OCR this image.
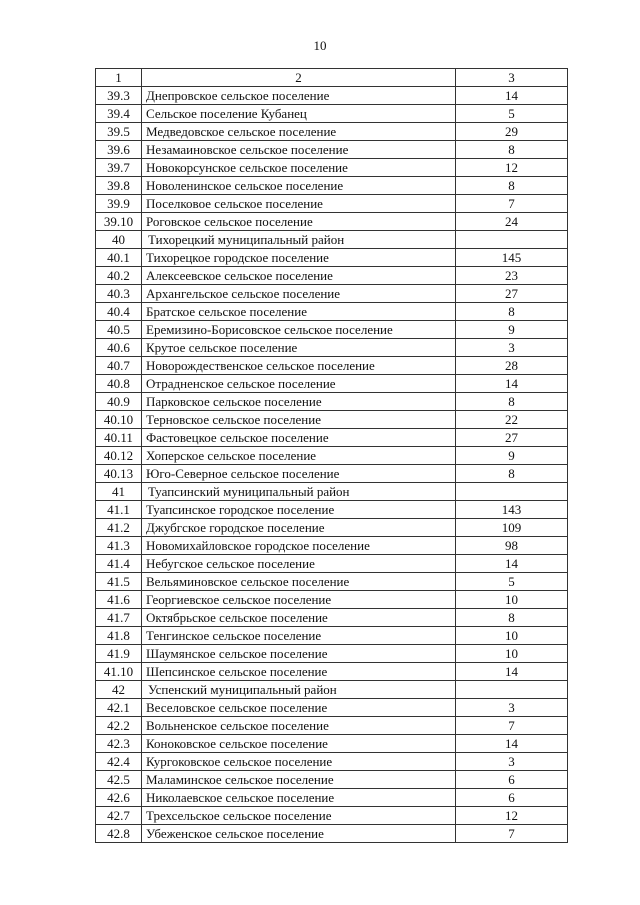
10
1	2	3
39.3	Днепровское сельское поселение	14
39.4	Сельское поселение Кубанец	5
39.5	Медведовское сельское поселение	29
39.6	Незамаиновское сельское поселение	8
39.7	Новокорсунское сельское поселение	12
39.8	Новоленинское сельское поселение	8
39.9	Поселковое сельское поселение	7
39.10	Роговское сельское поселение	24
40	Тихорецкий муниципальный район	
40.1	Тихорецкое городское поселение	145
40.2	Алексеевское сельское поселение	23
40.3	Архангельское сельское поселение	27
40.4	Братское сельское поселение	8
40.5	Еремизино-Борисовское сельское поселение	9
40.6	Крутое сельское поселение	3
40.7	Новорождественское сельское поселение	28
40.8	Отрадненское сельское поселение	14
40.9	Парковское сельское поселение	8
40.10	Терновское сельское поселение	22
40.11	Фастовецкое сельское поселение	27
40.12	Хоперское сельское поселение	9
40.13	Юго-Северное сельское поселение	8
41	Туапсинский муниципальный район	
41.1	Туапсинское городское поселение	143
41.2	Джубгское городское поселение	109
41.3	Новомихайловское городское поселение	98
41.4	Небугское сельское поселение	14
41.5	Вельяминовское сельское поселение	5
41.6	Георгиевское сельское поселение	10
41.7	Октябрьское сельское поселение	8
41.8	Тенгинское сельское поселение	10
41.9	Шаумянское сельское поселение	10
41.10	Шепсинское сельское поселение	14
42	Успенский муниципальный район	
42.1	Веселовское сельское поселение	3
42.2	Вольненское сельское поселение	7
42.3	Коноковское сельское поселение	14
42.4	Кургоковское сельское поселение	3
42.5	Маламинское сельское поселение	6
42.6	Николаевское сельское поселение	6
42.7	Трехсельское сельское поселение	12
42.8	Убеженское сельское поселение	7
